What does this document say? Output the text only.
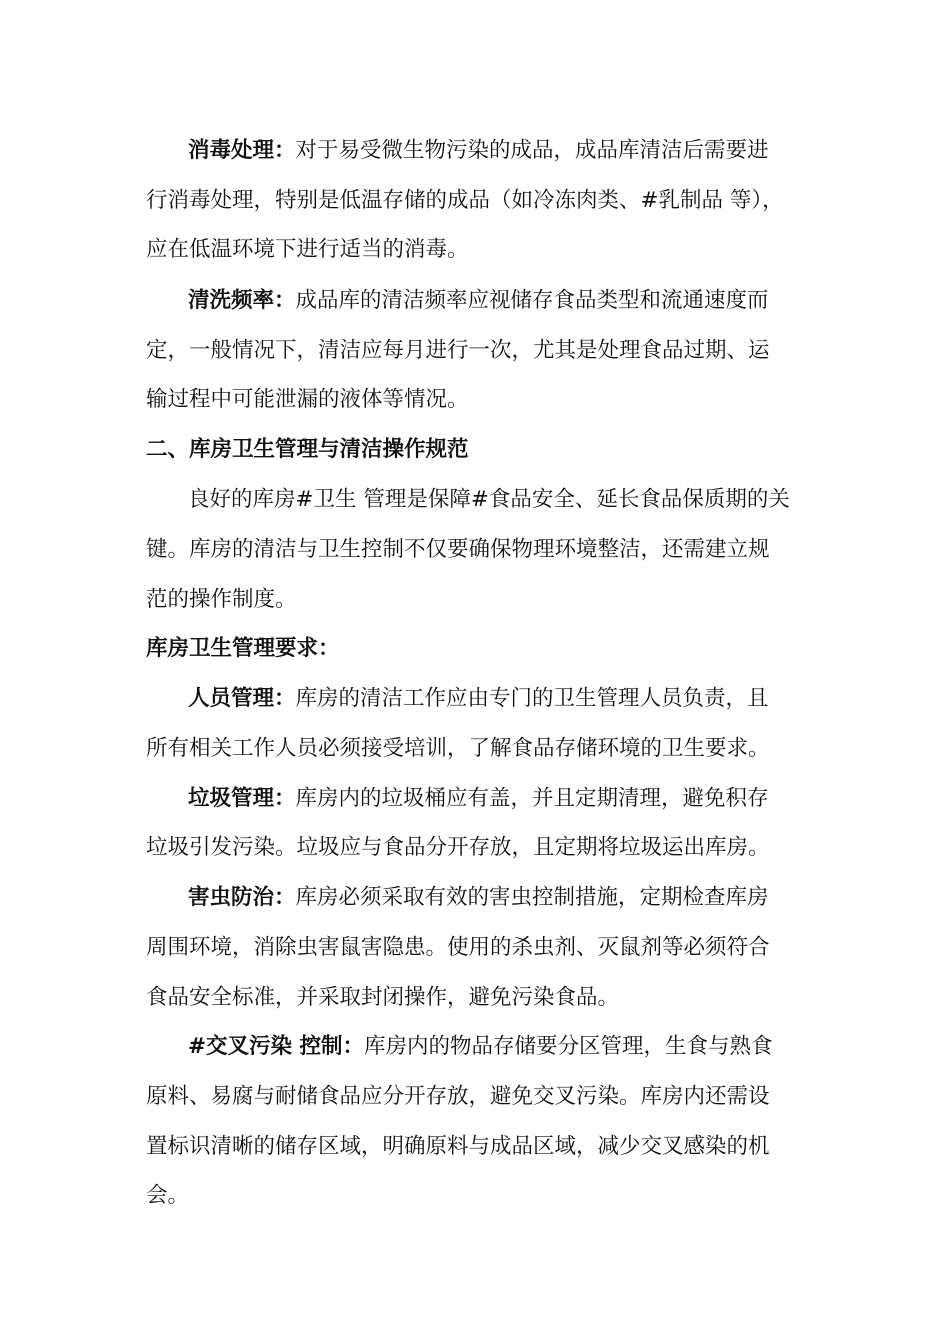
消毒处理：对于易受微生物污染的成品，成品库清洁后需要进
行消毒处理，特别是低温存储的成品（如冷冻肉类、#乳制品 等），
应在低温环境下进行适当的消毒。
清洗频率：成品库的清洁频率应视储存食品类型和流通速度而
定，一般情况下，清洁应每月进行一次，尤其是处理食品过期、运
输过程中可能泄漏的液体等情况。
二、库房卫生管理与清洁操作规范
良好的库房#卫生 管理是保障#食品安全、延长食品保质期的关
键。库房的清洁与卫生控制不仅要确保物理环境整洁，还需建立规
范的操作制度。
库房卫生管理要求：
人员管理：库房的清洁工作应由专门的卫生管理人员负责，且
所有相关工作人员必须接受培训，了解食品存储环境的卫生要求。
垃圾管理：库房内的垃圾桶应有盖，并且定期清理，避免积存
垃圾引发污染。垃圾应与食品分开存放，且定期将垃圾运出库房。
害虫防治：库房必须采取有效的害虫控制措施，定期检查库房
周围环境，消除虫害鼠害隐患。使用的杀虫剂、灭鼠剂等必须符合
食品安全标准，并采取封闭操作，避免污染食品。
#交叉污染 控制：库房内的物品存储要分区管理，生食与熟食
原料、易腐与耐储食品应分开存放，避免交叉污染。库房内还需设
置标识清晰的储存区域，明确原料与成品区域，减少交叉感染的机
会。
